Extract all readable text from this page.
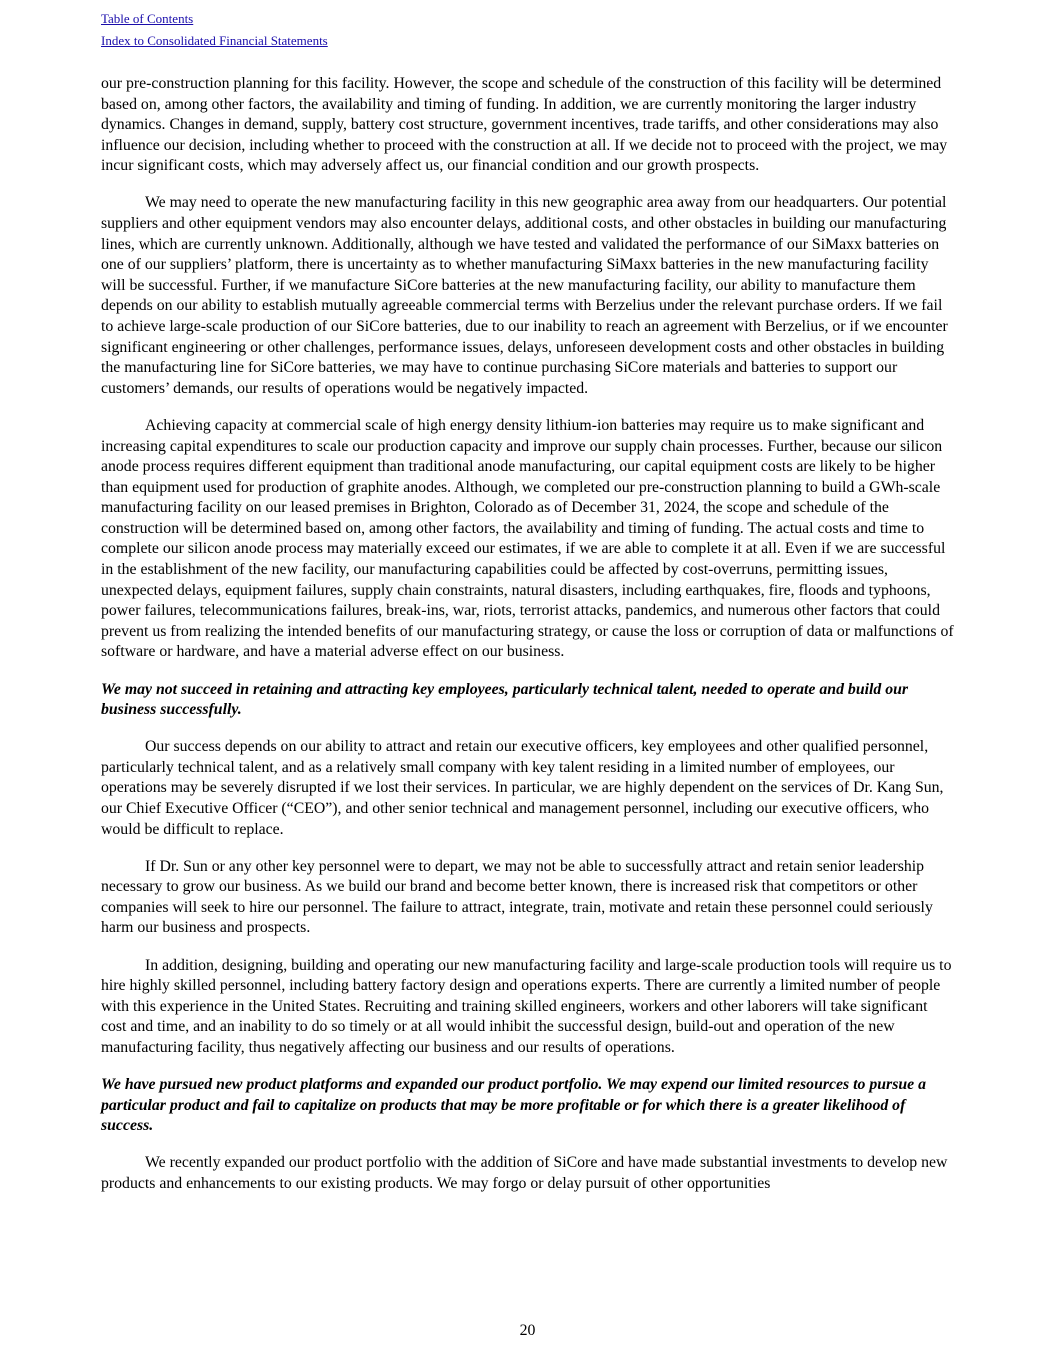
Table of Contents
Index to Consolidated Financial Statements

our pre-construction planning for this facility. However, the scope and schedule of the construction of this facility will be determined based on, among other factors, the availability and timing of funding. In addition, we are currently monitoring the larger industry dynamics. Changes in demand, supply, battery cost structure, government incentives, trade tariffs, and other considerations may also influence our decision, including whether to proceed with the construction at all. If we decide not to proceed with the project, we may incur significant costs, which may adversely affect us, our financial condition and our growth prospects.

We may need to operate the new manufacturing facility in this new geographic area away from our headquarters. Our potential suppliers and other equipment vendors may also encounter delays, additional costs, and other obstacles in building our manufacturing lines, which are currently unknown. Additionally, although we have tested and validated the performance of our SiMaxx batteries on one of our suppliers’ platform, there is uncertainty as to whether manufacturing SiMaxx batteries in the new manufacturing facility will be successful. Further, if we manufacture SiCore batteries at the new manufacturing facility, our ability to manufacture them depends on our ability to establish mutually agreeable commercial terms with Berzelius under the relevant purchase orders. If we fail to achieve large-scale production of our SiCore batteries, due to our inability to reach an agreement with Berzelius, or if we encounter significant engineering or other challenges, performance issues, delays, unforeseen development costs and other obstacles in building the manufacturing line for SiCore batteries, we may have to continue purchasing SiCore materials and batteries to support our customers’ demands, our results of operations would be negatively impacted.

Achieving capacity at commercial scale of high energy density lithium-ion batteries may require us to make significant and increasing capital expenditures to scale our production capacity and improve our supply chain processes. Further, because our silicon anode process requires different equipment than traditional anode manufacturing, our capital equipment costs are likely to be higher than equipment used for production of graphite anodes. Although, we completed our pre-construction planning to build a GWh-scale manufacturing facility on our leased premises in Brighton, Colorado as of December 31, 2024, the scope and schedule of the construction will be determined based on, among other factors, the availability and timing of funding. The actual costs and time to complete our silicon anode process may materially exceed our estimates, if we are able to complete it at all. Even if we are successful in the establishment of the new facility, our manufacturing capabilities could be affected by cost-overruns, permitting issues, unexpected delays, equipment failures, supply chain constraints, natural disasters, including earthquakes, fire, floods and typhoons, power failures, telecommunications failures, break-ins, war, riots, terrorist attacks, pandemics, and numerous other factors that could prevent us from realizing the intended benefits of our manufacturing strategy, or cause the loss or corruption of data or malfunctions of software or hardware, and have a material adverse effect on our business.

We may not succeed in retaining and attracting key employees, particularly technical talent, needed to operate and build our business successfully.

Our success depends on our ability to attract and retain our executive officers, key employees and other qualified personnel, particularly technical talent, and as a relatively small company with key talent residing in a limited number of employees, our operations may be severely disrupted if we lost their services. In particular, we are highly dependent on the services of Dr. Kang Sun, our Chief Executive Officer (“CEO”), and other senior technical and management personnel, including our executive officers, who would be difficult to replace.

If Dr. Sun or any other key personnel were to depart, we may not be able to successfully attract and retain senior leadership necessary to grow our business. As we build our brand and become better known, there is increased risk that competitors or other companies will seek to hire our personnel. The failure to attract, integrate, train, motivate and retain these personnel could seriously harm our business and prospects.

In addition, designing, building and operating our new manufacturing facility and large-scale production tools will require us to hire highly skilled personnel, including battery factory design and operations experts. There are currently a limited number of people with this experience in the United States. Recruiting and training skilled engineers, workers and other laborers will take significant cost and time, and an inability to do so timely or at all would inhibit the successful design, build-out and operation of the new manufacturing facility, thus negatively affecting our business and our results of operations.

We have pursued new product platforms and expanded our product portfolio. We may expend our limited resources to pursue a particular product and fail to capitalize on products that may be more profitable or for which there is a greater likelihood of success.

We recently expanded our product portfolio with the addition of SiCore and have made substantial investments to develop new products and enhancements to our existing products. We may forgo or delay pursuit of other opportunities

20
